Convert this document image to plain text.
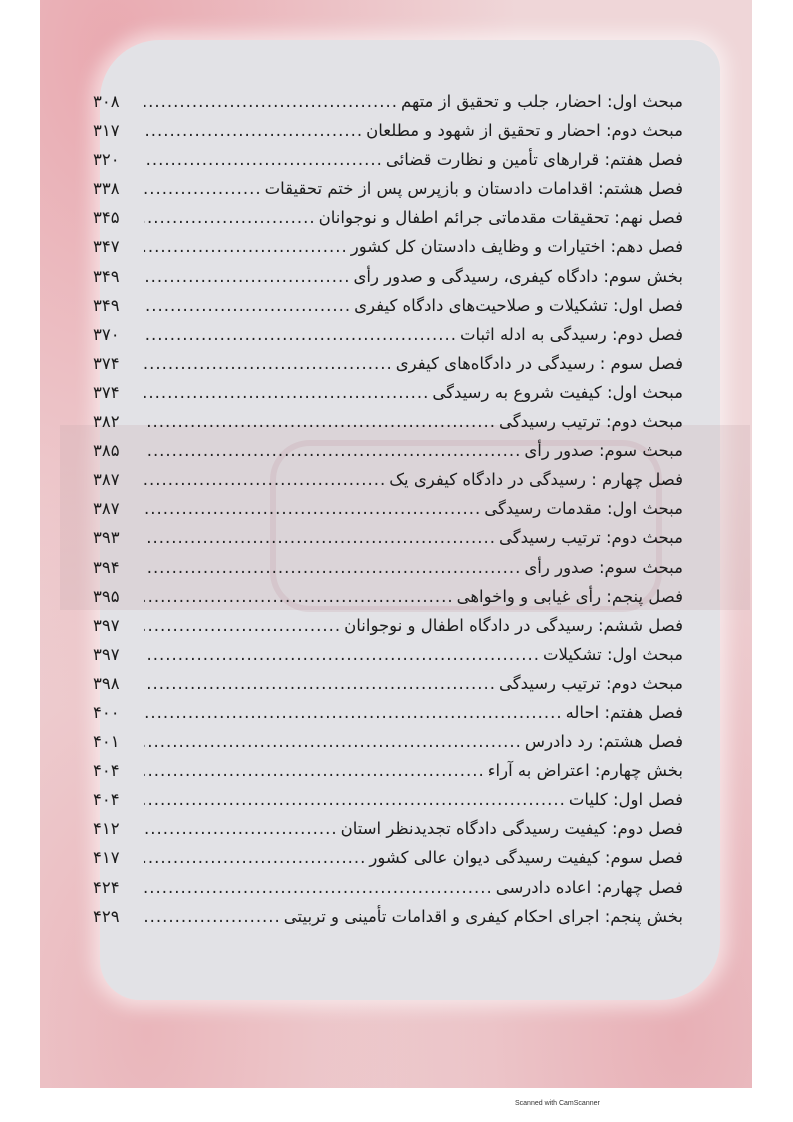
مبحث اول: احضار، جلب و تحقیق از متهم
.....
۳۰۸
مبحث دوم: احضار و تحقیق از شهود و مطلعان
.....
۳۱۷
فصل هفتم: قرارهای تأمین و نظارت قضائی
.....
۳۲۰
فصل هشتم: اقدامات دادستان و بازپرس پس از ختم تحقیقات
.....
۳۳۸
فصل نهم: تحقیقات مقدماتی جرائم اطفال و نوجوانان
.....
۳۴۵
فصل دهم: اختیارات و وظایف دادستان کل کشور
.....
۳۴۷
بخش سوم: دادگاه کیفری، رسیدگی و صدور رأی
.....
۳۴۹
فصل اول: تشکیلات و صلاحیت‌های دادگاه کیفری
.....
۳۴۹
فصل دوم: رسیدگی به ادله اثبات
.....
۳۷۰
فصل سوم : رسیدگی در دادگاه‌های کیفری
.....
۳۷۴
مبحث اول: کیفیت شروع به رسیدگی
.....
۳۷۴
مبحث دوم: ترتیب رسیدگی
.....
۳۸۲
مبحث سوم: صدور رأی
.....
۳۸۵
فصل چهارم : رسیدگی در دادگاه کیفری یک
.....
۳۸۷
مبحث اول: مقدمات رسیدگی
.....
۳۸۷
مبحث دوم: ترتیب رسیدگی
.....
۳۹۳
مبحث سوم: صدور رأی
.....
۳۹۴
فصل پنجم: رأی غیابی و واخواهی
.....
۳۹۵
فصل ششم: رسیدگی در دادگاه اطفال و نوجوانان
.....
۳۹۷
مبحث اول: تشکیلات
.....
۳۹۷
مبحث دوم: ترتیب رسیدگی
.....
۳۹۸
فصل هفتم: احاله
.....
۴۰۰
فصل هشتم: رد دادرس
.....
۴۰۱
بخش چهارم: اعتراض به آراء
.....
۴۰۴
فصل اول: کلیات
.....
۴۰۴
فصل دوم: کیفیت رسیدگی دادگاه تجدیدنظر استان
.....
۴۱۲
فصل سوم: کیفیت رسیدگی دیوان عالی کشور
.....
۴۱۷
فصل چهارم: اعاده دادرسی
.....
۴۲۴
بخش پنجم: اجرای احکام کیفری و اقدامات تأمینی و تربیتی
.....
۴۲۹
Scanned with CamScanner
